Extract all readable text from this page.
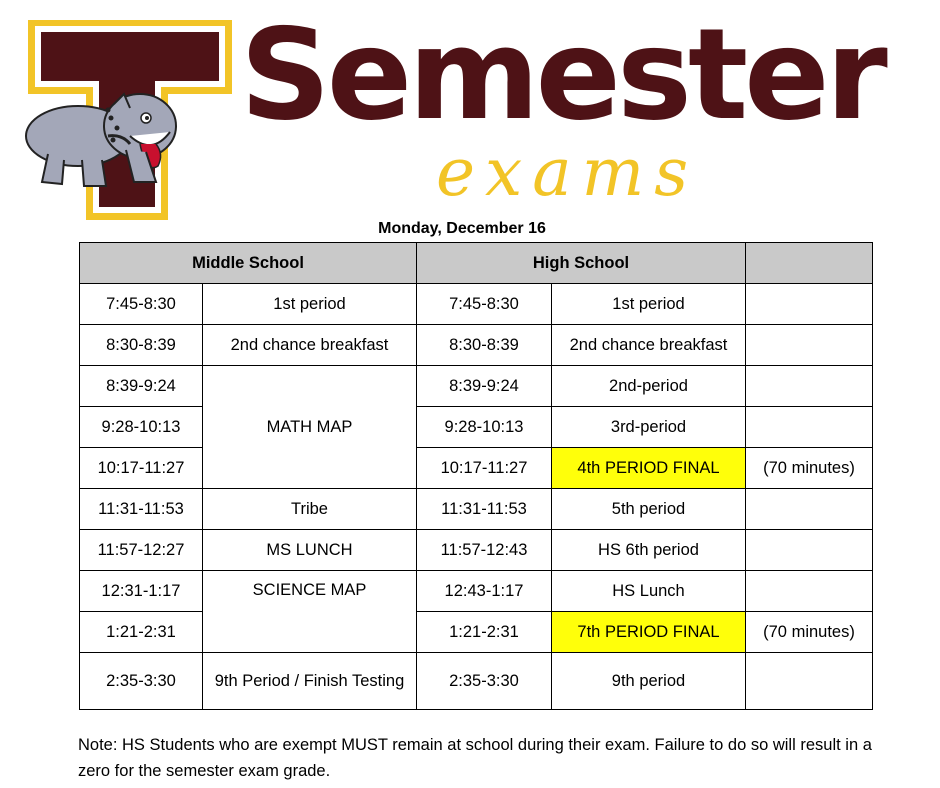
Semester
exams
Monday, December 16
Middle School		High School		
7:45-8:30	1st period	7:45-8:30	1st period	
8:30-8:39	2nd chance breakfast	8:30-8:39	2nd chance breakfast	
8:39-9:24	MATH MAP	8:39-9:24	2nd-period	
9:28-10:13		9:28-10:13	3rd-period	
10:17-11:27		10:17-11:27	4th PERIOD FINAL	(70 minutes)
11:31-11:53	Tribe	11:31-11:53	5th period	
11:57-12:27	MS LUNCH	11:57-12:43	HS 6th period	
12:31-1:17	SCIENCE MAP	12:43-1:17	HS Lunch	
1:21-2:31		1:21-2:31	7th PERIOD FINAL	(70 minutes)
2:35-3:30	9th Period / Finish Testing	2:35-3:30	9th period	

Note: HS Students who are exempt MUST remain at school during their exam. Failure to do so will result in a zero for the semester exam grade.
